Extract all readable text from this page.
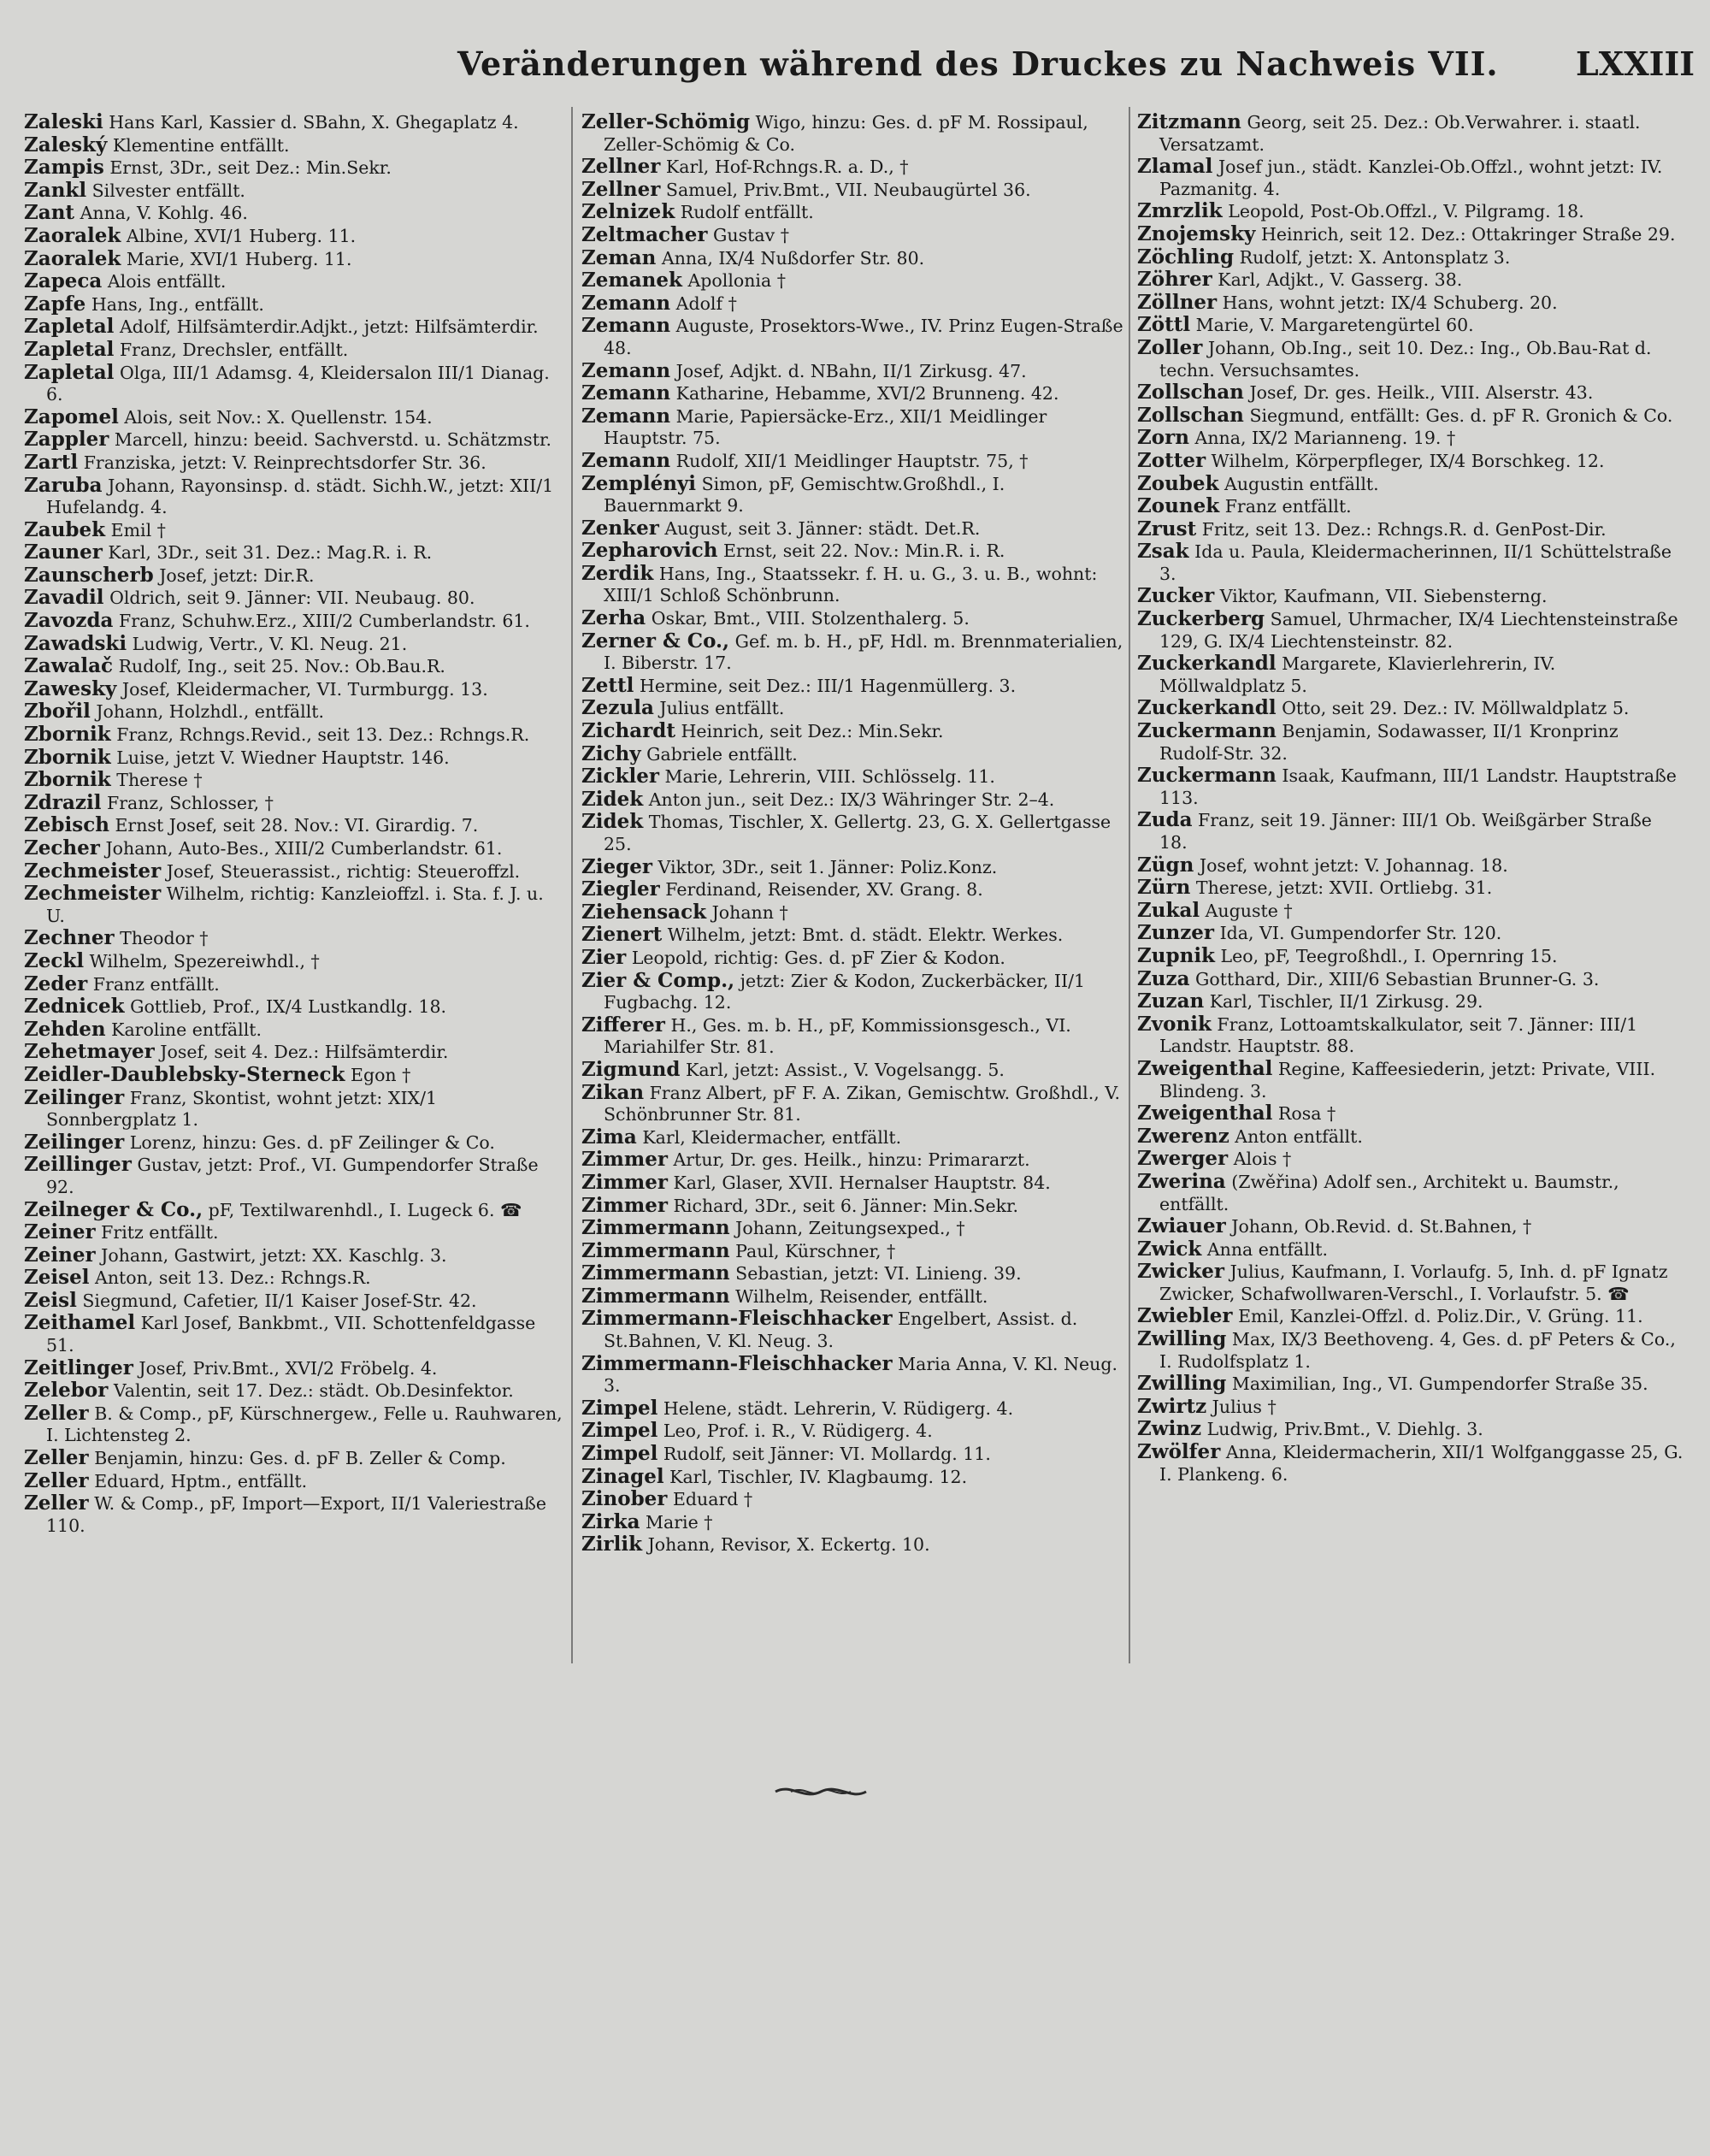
Veränderungen während des Druckes zu Nachweis VII. LXXIII

Zaleski Hans Karl, Kassier d. SBahn, X. Ghegaplatz 4.

Zaleský Klementine entfällt.

Zampis Ernst, 3Dr., seit Dez.: Min.Sekr.

Zankl Silvester entfällt.

Zant Anna, V. Kohlg. 46.

Zaoralek Albine, XVI/1 Huberg. 11.

Zaoralek Marie, XVI/1 Huberg. 11.

Zapeca Alois entfällt.

Zapfe Hans, Ing., entfällt.

Zapletal Adolf, Hilfsämterdir.Adjkt., jetzt: Hilfsämterdir.

Zapletal Franz, Drechsler, entfällt.

Zapletal Olga, III/1 Adamsg. 4, Kleidersalon III/1 Dianag. 6.

Zapomel Alois, seit Nov.: X. Quellenstr. 154.

Zappler Marcell, hinzu: beeid. Sachverstd. u. Schätzmstr.

Zartl Franziska, jetzt: V. Reinprechtsdorfer Str. 36.

Zaruba Johann, Rayonsinsp. d. städt. Sichh.W., jetzt: XII/1 Hufelandg. 4.

Zaubek Emil †

Zauner Karl, 3Dr., seit 31. Dez.: Mag.R. i. R.

Zaunscherb Josef, jetzt: Dir.R.

Zavadil Oldrich, seit 9. Jänner: VII. Neubaug. 80.

Zavozda Franz, Schuhw.Erz., XIII/2 Cumberlandstr. 61.

Zawadski Ludwig, Vertr., V. Kl. Neug. 21.

Zawalač Rudolf, Ing., seit 25. Nov.: Ob.Bau.R.

Zawesky Josef, Kleidermacher, VI. Turmburgg. 13.

Zbořil Johann, Holzhdl., entfällt.

Zbornik Franz, Rchngs.Revid., seit 13. Dez.: Rchngs.R.

Zbornik Luise, jetzt V. Wiedner Hauptstr. 146.

Zbornik Therese †

Zdrazil Franz, Schlosser, †

Zebisch Ernst Josef, seit 28. Nov.: VI. Girardig. 7.

Zecher Johann, Auto-Bes., XIII/2 Cumberlandstr. 61.

Zechmeister Josef, Steuerassist., richtig: Steueroffzl.

Zechmeister Wilhelm, richtig: Kanzleioffzl. i. Sta. f. J. u. U.

Zechner Theodor †

Zeckl Wilhelm, Spezereiwhdl., †

Zeder Franz entfällt.

Zednicek Gottlieb, Prof., IX/4 Lustkandlg. 18.

Zehden Karoline entfällt.

Zehetmayer Josef, seit 4. Dez.: Hilfsämterdir.

Zeidler-Daublebsky-Sterneck Egon †

Zeilinger Franz, Skontist, wohnt jetzt: XIX/1 Sonnbergplatz 1.

Zeilinger Lorenz, hinzu: Ges. d. pF Zeilinger & Co.

Zeillinger Gustav, jetzt: Prof., VI. Gumpendorfer Straße 92.

Zeilneger & Co., pF, Textilwarenhdl., I. Lugeck 6. ☎

Zeiner Fritz entfällt.

Zeiner Johann, Gastwirt, jetzt: XX. Kaschlg. 3.

Zeisel Anton, seit 13. Dez.: Rchngs.R.

Zeisl Siegmund, Cafetier, II/1 Kaiser Josef-Str. 42.

Zeithamel Karl Josef, Bankbmt., VII. Schottenfeldgasse 51.

Zeitlinger Josef, Priv.Bmt., XVI/2 Fröbelg. 4.

Zelebor Valentin, seit 17. Dez.: städt. Ob.Desinfektor.

Zeller B. & Comp., pF, Kürschnergew., Felle u. Rauhwaren, I. Lichtensteg 2.

Zeller Benjamin, hinzu: Ges. d. pF B. Zeller & Comp.

Zeller Eduard, Hptm., entfällt.

Zeller W. & Comp., pF, Import—Export, II/1 Valeriestraße 110.

Zeller-Schömig Wigo, hinzu: Ges. d. pF M. Rossipaul, Zeller-Schömig & Co.

Zellner Karl, Hof-Rchngs.R. a. D., †

Zellner Samuel, Priv.Bmt., VII. Neubaugürtel 36.

Zelnizek Rudolf entfällt.

Zeltmacher Gustav †

Zeman Anna, IX/4 Nußdorfer Str. 80.

Zemanek Apollonia †

Zemann Adolf †

Zemann Auguste, Prosektors-Wwe., IV. Prinz Eugen-Straße 48.

Zemann Josef, Adjkt. d. NBahn, II/1 Zirkusg. 47.

Zemann Katharine, Hebamme, XVI/2 Brunneng. 42.

Zemann Marie, Papiersäcke-Erz., XII/1 Meidlinger Hauptstr. 75.

Zemann Rudolf, XII/1 Meidlinger Hauptstr. 75, †

Zemplényi Simon, pF, Gemischtw.Großhdl., I. Bauernmarkt 9.

Zenker August, seit 3. Jänner: städt. Det.R.

Zepharovich Ernst, seit 22. Nov.: Min.R. i. R.

Zerdik Hans, Ing., Staatssekr. f. H. u. G., 3. u. B., wohnt: XIII/1 Schloß Schönbrunn.

Zerha Oskar, Bmt., VIII. Stolzenthalerg. 5.

Zerner & Co., Gef. m. b. H., pF, Hdl. m. Brennmaterialien, I. Biberstr. 17.

Zettl Hermine, seit Dez.: III/1 Hagenmüllerg. 3.

Zezula Julius entfällt.

Zichardt Heinrich, seit Dez.: Min.Sekr.

Zichy Gabriele entfällt.

Zickler Marie, Lehrerin, VIII. Schlösselg. 11.

Zidek Anton jun., seit Dez.: IX/3 Währinger Str. 2–4.

Zidek Thomas, Tischler, X. Gellertg. 23, G. X. Gellertgasse 25.

Zieger Viktor, 3Dr., seit 1. Jänner: Poliz.Konz.

Ziegler Ferdinand, Reisender, XV. Grang. 8.

Ziehensack Johann †

Zienert Wilhelm, jetzt: Bmt. d. städt. Elektr. Werkes.

Zier Leopold, richtig: Ges. d. pF Zier & Kodon.

Zier & Comp., jetzt: Zier & Kodon, Zuckerbäcker, II/1 Fugbachg. 12.

Zifferer H., Ges. m. b. H., pF, Kommissionsgesch., VI. Mariahilfer Str. 81.

Zigmund Karl, jetzt: Assist., V. Vogelsangg. 5.

Zikan Franz Albert, pF F. A. Zikan, Gemischtw. Großhdl., V. Schönbrunner Str. 81.

Zima Karl, Kleidermacher, entfällt.

Zimmer Artur, Dr. ges. Heilk., hinzu: Primararzt.

Zimmer Karl, Glaser, XVII. Hernalser Hauptstr. 84.

Zimmer Richard, 3Dr., seit 6. Jänner: Min.Sekr.

Zimmermann Johann, Zeitungsexped., †

Zimmermann Paul, Kürschner, †

Zimmermann Sebastian, jetzt: VI. Linieng. 39.

Zimmermann Wilhelm, Reisender, entfällt.

Zimmermann-Fleischhacker Engelbert, Assist. d. St.Bahnen, V. Kl. Neug. 3.

Zimmermann-Fleischhacker Maria Anna, V. Kl. Neug. 3.

Zimpel Helene, städt. Lehrerin, V. Rüdigerg. 4.

Zimpel Leo, Prof. i. R., V. Rüdigerg. 4.

Zimpel Rudolf, seit Jänner: VI. Mollardg. 11.

Zinagel Karl, Tischler, IV. Klagbaumg. 12.

Zinober Eduard †

Zirka Marie †

Zirlik Johann, Revisor, X. Eckertg. 10.

Zitzmann Georg, seit 25. Dez.: Ob.Verwahrer. i. staatl. Versatzamt.

Zlamal Josef jun., städt. Kanzlei-Ob.Offzl., wohnt jetzt: IV. Pazmanitg. 4.

Zmrzlik Leopold, Post-Ob.Offzl., V. Pilgramg. 18.

Znojemsky Heinrich, seit 12. Dez.: Ottakringer Straße 29.

Zöchling Rudolf, jetzt: X. Antonsplatz 3.

Zöhrer Karl, Adjkt., V. Gasserg. 38.

Zöllner Hans, wohnt jetzt: IX/4 Schuberg. 20.

Zöttl Marie, V. Margaretengürtel 60.

Zoller Johann, Ob.Ing., seit 10. Dez.: Ing., Ob.Bau-Rat d. techn. Versuchsamtes.

Zollschan Josef, Dr. ges. Heilk., VIII. Alserstr. 43.

Zollschan Siegmund, entfällt: Ges. d. pF R. Gronich & Co.

Zorn Anna, IX/2 Marianneng. 19. †

Zotter Wilhelm, Körperpfleger, IX/4 Borschkeg. 12.

Zoubek Augustin entfällt.

Zounek Franz entfällt.

Zrust Fritz, seit 13. Dez.: Rchngs.R. d. GenPost-Dir.

Zsak Ida u. Paula, Kleidermacherinnen, II/1 Schüttelstraße 3.

Zucker Viktor, Kaufmann, VII. Siebensterng.

Zuckerberg Samuel, Uhrmacher, IX/4 Liechtensteinstraße 129, G. IX/4 Liechtensteinstr. 82.

Zuckerkandl Margarete, Klavierlehrerin, IV. Möllwaldplatz 5.

Zuckerkandl Otto, seit 29. Dez.: IV. Möllwaldplatz 5.

Zuckermann Benjamin, Sodawasser, II/1 Kronprinz Rudolf-Str. 32.

Zuckermann Isaak, Kaufmann, III/1 Landstr. Hauptstraße 113.

Zuda Franz, seit 19. Jänner: III/1 Ob. Weißgärber Straße 18.

Zügn Josef, wohnt jetzt: V. Johannag. 18.

Zürn Therese, jetzt: XVII. Ortliebg. 31.

Zukal Auguste †

Zunzer Ida, VI. Gumpendorfer Str. 120.

Zupnik Leo, pF, Teegroßhdl., I. Opernring 15.

Zuza Gotthard, Dir., XIII/6 Sebastian Brunner-G. 3.

Zuzan Karl, Tischler, II/1 Zirkusg. 29.

Zvonik Franz, Lottoamtskalkulator, seit 7. Jänner: III/1 Landstr. Hauptstr. 88.

Zweigenthal Regine, Kaffeesiederin, jetzt: Private, VIII. Blindeng. 3.

Zweigenthal Rosa †

Zwerenz Anton entfällt.

Zwerger Alois †

Zwerina (Zwěřina) Adolf sen., Architekt u. Baumstr., entfällt.

Zwiauer Johann, Ob.Revid. d. St.Bahnen, †

Zwick Anna entfällt.

Zwicker Julius, Kaufmann, I. Vorlaufg. 5, Inh. d. pF Ignatz Zwicker, Schafwollwaren-Verschl., I. Vorlaufstr. 5. ☎

Zwiebler Emil, Kanzlei-Offzl. d. Poliz.Dir., V. Grüng. 11.

Zwilling Max, IX/3 Beethoveng. 4, Ges. d. pF Peters & Co., I. Rudolfsplatz 1.

Zwilling Maximilian, Ing., VI. Gumpendorfer Straße 35.

Zwirtz Julius †

Zwinz Ludwig, Priv.Bmt., V. Diehlg. 3.

Zwölfer Anna, Kleidermacherin, XII/1 Wolfganggasse 25, G. I. Plankeng. 6.
